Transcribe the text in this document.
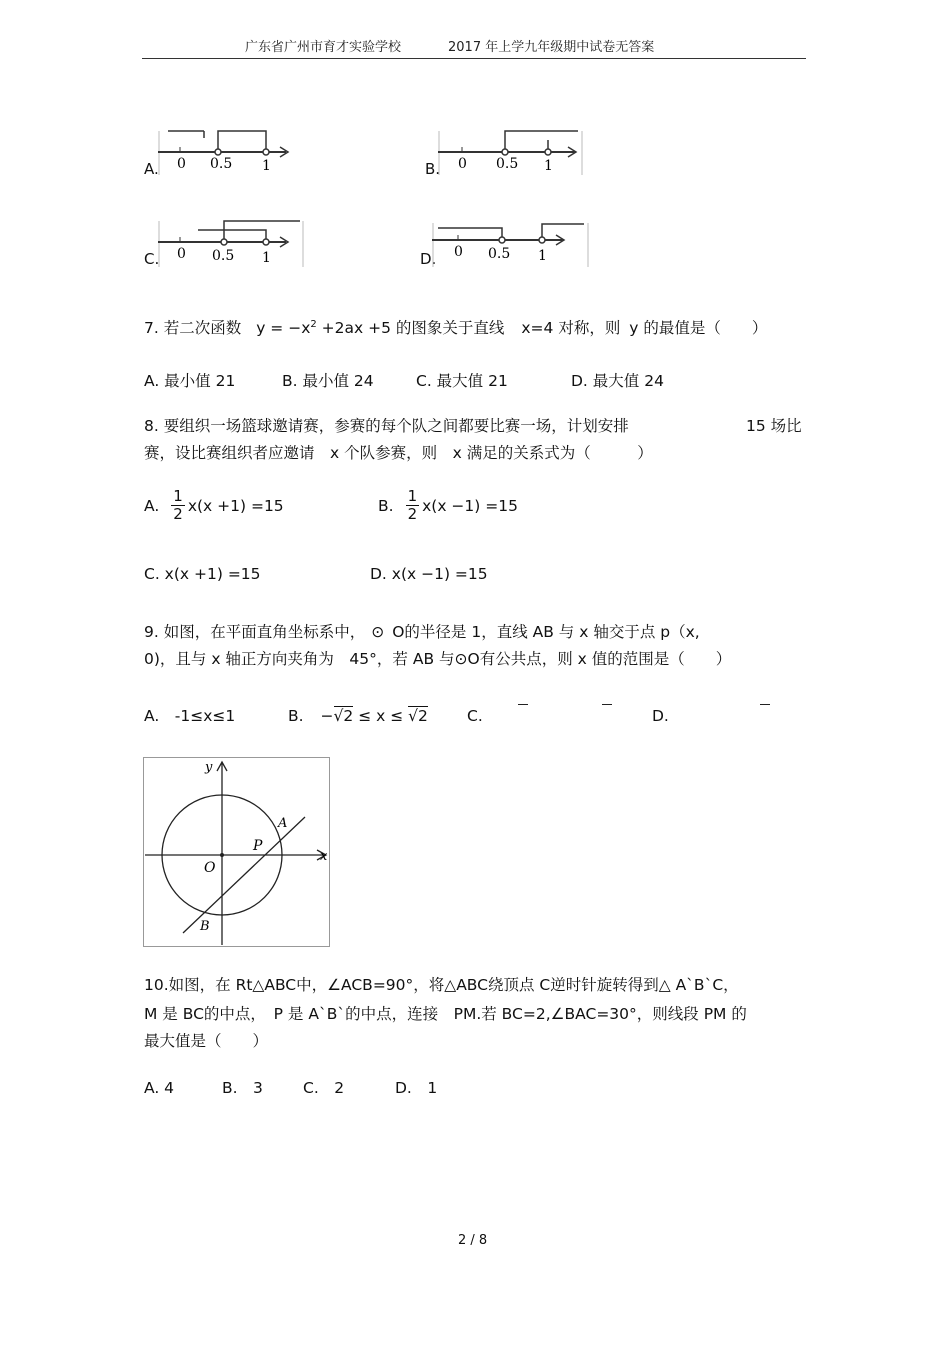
广东省广州市育才实验学校	2017 年上学九年级期中试卷无答案
A. 0 0.5 1	B. 0 0.5 1
C. 0 0.5 1	D. 0 0.5 1
7. 若二次函数 $y = -x^2 +2ax +5$ 的图象关于直线 x=4 对称，则 y 的最值是（　　）
A. 最小值 21	B. 最小值 24	C. 最大值 21	D. 最大值 24
8. 要组织一场篮球邀请赛，参赛的每个队之间都要比赛一场，计划安排	15 场比
赛，设比赛组织者应邀请　x 个队参赛，则　x 满足的关系式为（　　　）
A. $\frac{1}{2} x(x +1) =15$	B. $\frac{1}{2} x(x -1) =15$
C. x(x +1) =15	D. x(x −1) =15
9. 如图，在平面直角坐标系中， ⊙ O的半径是 1，直线 AB 与 x 轴交于点 p（x,
0)，且与 x 轴正方向夹角为　45°，若 AB 与⊙O有公共点，则 x 值的范围是（　　）
A.　-1≤x≤1	B. −√2 ≤ x ≤ √2	C.	D.
y
x
O
P
A
B
10.如图，在 Rt△ABC中，∠ACB=90°，将△ABC绕顶点 C逆时针旋转得到△ A`B`C，
M 是 BC的中点，　P 是 A`B`的中点，连接　PM.若 BC=2,∠BAC=30°，则线段 PM 的
最大值是（　　）
A. 4	B.　3	C.　2	D.　1
2 / 8
